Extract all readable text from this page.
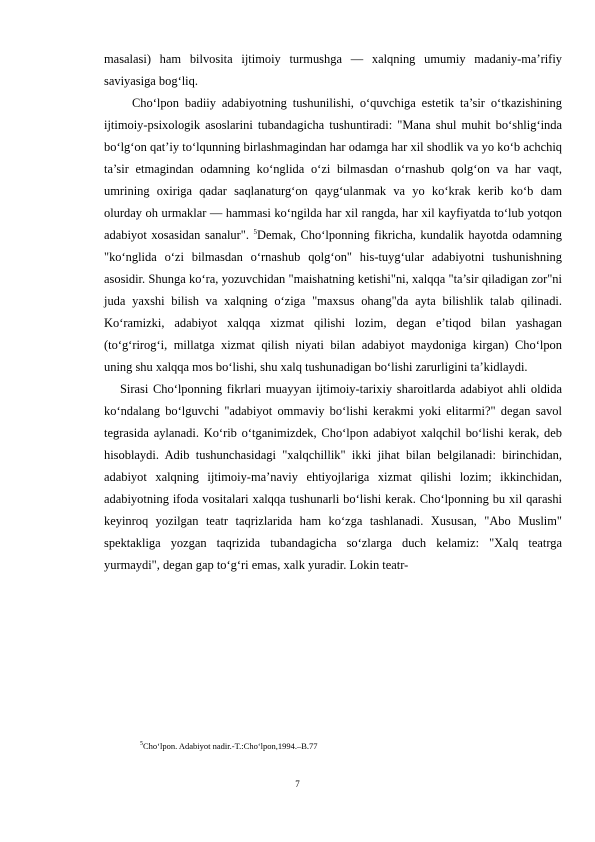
masalasi) ham bilvosita ijtimoiy turmushga — xalqning umumiy madaniy-ma’rifiy saviyasiga bog‘liq.

Cho‘lpon badiiy adabiyotning tushunilishi, o‘quvchiga estetik ta’sir o‘tkazishining ijtimoiy-psixologik asoslarini tubandagicha tushuntiradi: "Mana shul muhit bo‘shlig‘inda bo‘lg‘on qat’iy to‘lqunning birlashmagindan har odamga har xil shodlik va yo ko‘b achchiq ta’sir etmagindan odamning ko‘nglida o‘zi bilmasdan o‘rnashub qolg‘on va har vaqt, umrining oxiriga qadar saqlanaturg‘on qayg‘ulanmak va yo ko‘krak kerib ko‘b dam olurday oh urmaklar — hammasi ko‘ngilda har xil rangda, har xil kayfiyatda to‘lub yotqon adabiyot xosasidan sanalur". $^5$Demak, Cho‘lponning fikricha, kundalik hayotda odamning "ko‘nglida o‘zi bilmasdan o‘rnashub qolg‘on" his-tuyg‘ular adabiyotni tushunishning asosidir. Shunga ko‘ra, yozuvchidan "maishatning ketishi"ni, xalqqa "ta’sir qiladigan zor"ni juda yaxshi bilish va xalqning o‘ziga "maxsus ohang"da ayta bilishlik talab qilinadi. Ko‘ramizki, adabiyot xalqqa xizmat qilishi lozim, degan e’tiqod bilan yashagan (to‘g‘rirog‘i, millatga xizmat qilish niyati bilan adabiyot maydoniga kirgan) Cho‘lpon uning shu xalqqa mos bo‘lishi, shu xalq tushunadigan bo‘lishi zarurligini ta’kidlaydi.

Sirasi Cho‘lponning fikrlari muayyan ijtimoiy-tarixiy sharoitlarda adabiyot ahli oldida ko‘ndalang bo‘lguvchi "adabiyot ommaviy bo‘lishi kerakmi yoki elitarmi?" degan savol tegrasida aylanadi. Ko‘rib o‘tganimizdek, Cho‘lpon adabiyot xalqchil bo‘lishi kerak, deb hisoblaydi. Adib tushunchasidagi "xalqchillik" ikki jihat bilan belgilanadi: birinchidan, adabiyot xalqning ijtimoiy-ma’naviy ehtiyojlariga xizmat qilishi lozim; ikkinchidan, adabiyotning ifoda vositalari xalqqa tushunarli bo‘lishi kerak. Cho‘lponning bu xil qarashi keyinroq yozilgan teatr taqrizlarida ham ko‘zga tashlanadi. Xususan, "Abo Muslim" spektakliga yozgan taqrizida tubandagicha so‘zlarga duch kelamiz: "Xalq teatrga yurmaydi", degan gap to‘g‘ri emas, xalk yuradir. Lokin teatr-

$^5$Cho‘lpon. Adabiyot nadir.-T.:Cho‘lpon,1994.–B.77
7
